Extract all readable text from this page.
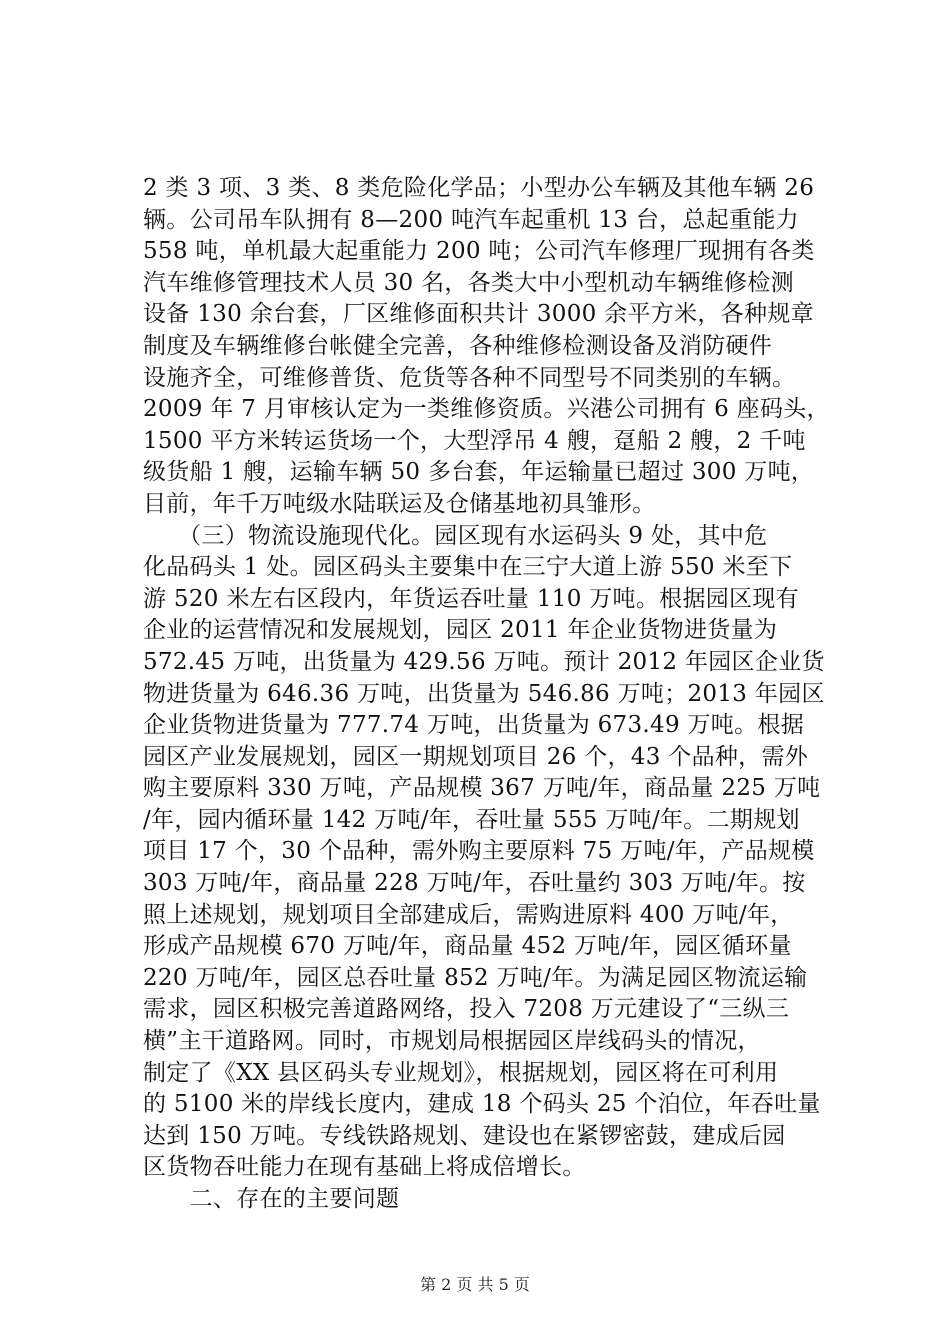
2 类 3 项、3 类、8 类危险化学品；小型办公车辆及其他车辆 26
辆。公司吊车队拥有 8—200 吨汽车起重机 13 台，总起重能力
558 吨，单机最大起重能力 200 吨；公司汽车修理厂现拥有各类
汽车维修管理技术人员 30 名，各类大中小型机动车辆维修检测
设备 130 余台套，厂区维修面积共计 3000 余平方米，各种规章
制度及车辆维修台帐健全完善，各种维修检测设备及消防硬件
设施齐全，可维修普货、危货等各种不同型号不同类别的车辆。
2009 年 7 月审核认定为一类维修资质。兴港公司拥有 6 座码头，
1500 平方米转运货场一个，大型浮吊 4 艘，趸船 2 艘，2 千吨
级货船 1 艘，运输车辆 50 多台套，年运输量已超过 300 万吨，
目前，年千万吨级水陆联运及仓储基地初具雏形。
　　（三）物流设施现代化。园区现有水运码头 9 处，其中危
化品码头 1 处。园区码头主要集中在三宁大道上游 550 米至下
游 520 米左右区段内，年货运吞吐量 110 万吨。根据园区现有
企业的运营情况和发展规划，园区 2011 年企业货物进货量为
572.45 万吨，出货量为 429.56 万吨。预计 2012 年园区企业货
物进货量为 646.36 万吨，出货量为 546.86 万吨；2013 年园区
企业货物进货量为 777.74 万吨，出货量为 673.49 万吨。根据
园区产业发展规划，园区一期规划项目 26 个，43 个品种，需外
购主要原料 330 万吨，产品规模 367 万吨/年，商品量 225 万吨
/年，园内循环量 142 万吨/年，吞吐量 555 万吨/年。二期规划
项目 17 个，30 个品种，需外购主要原料 75 万吨/年，产品规模
303 万吨/年，商品量 228 万吨/年，吞吐量约 303 万吨/年。按
照上述规划，规划项目全部建成后，需购进原料 400 万吨/年，
形成产品规模 670 万吨/年，商品量 452 万吨/年，园区循环量
220 万吨/年，园区总吞吐量 852 万吨/年。为满足园区物流运输
需求，园区积极完善道路网络，投入 7208 万元建设了“三纵三
横”主干道路网。同时，市规划局根据园区岸线码头的情况，
制定了《XX 县区码头专业规划》，根据规划，园区将在可利用
的 5100 米的岸线长度内，建成 18 个码头 25 个泊位，年吞吐量
达到 150 万吨。专线铁路规划、建设也在紧锣密鼓，建成后园
区货物吞吐能力在现有基础上将成倍增长。
　　二、存在的主要问题
第 2 页 共 5 页
